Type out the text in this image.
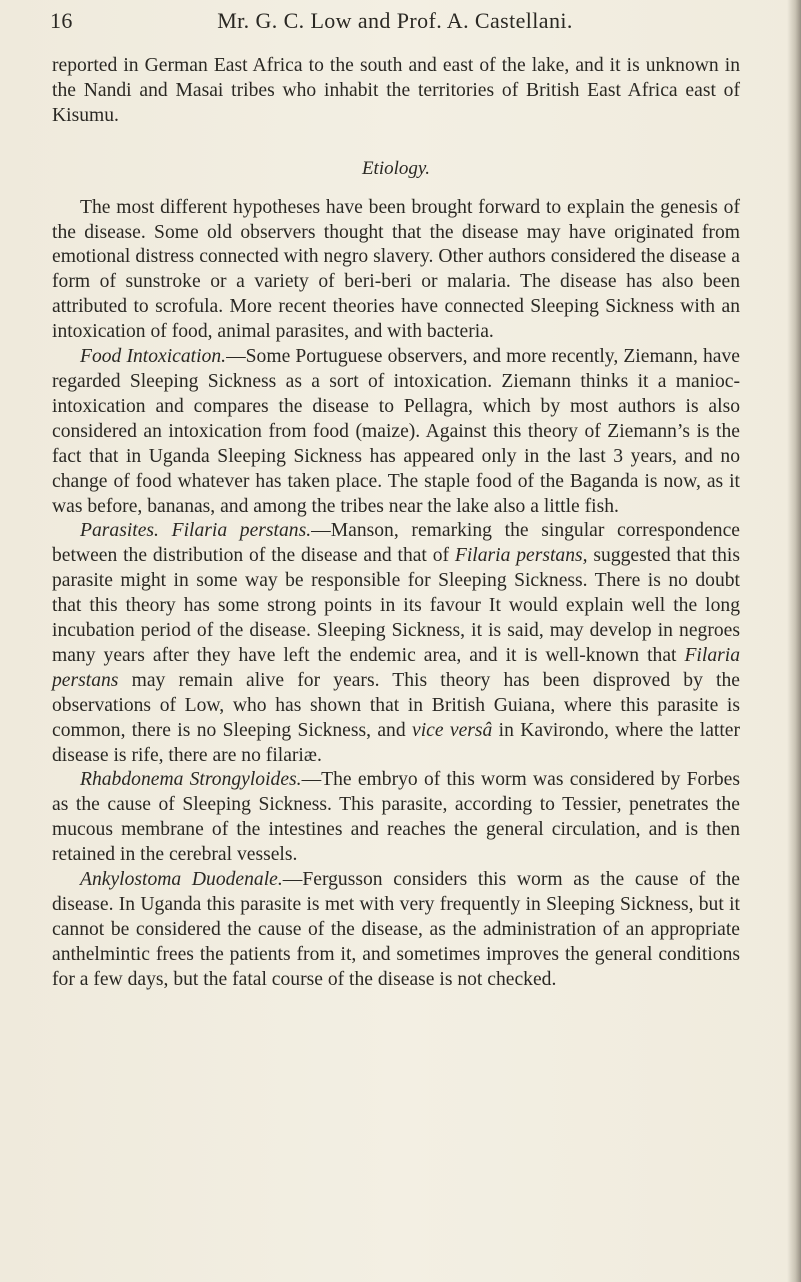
16	Mr. G. C. Low and Prof. A. Castellani.

reported in German East Africa to the south and east of the lake, and it is unknown in the Nandi and Masai tribes who inhabit the territories of British East Africa east of Kisumu.

Etiology.

The most different hypotheses have been brought forward to explain the genesis of the disease. Some old observers thought that the disease may have originated from emotional distress connected with negro slavery. Other authors considered the disease a form of sunstroke or a variety of beri-beri or malaria. The disease has also been attributed to scrofula. More recent theories have connected Sleeping Sickness with an intoxication of food, animal parasites, and with bacteria.

Food Intoxication.—Some Portuguese observers, and more recently, Ziemann, have regarded Sleeping Sickness as a sort of intoxication. Ziemann thinks it a manioc-intoxication and compares the disease to Pellagra, which by most authors is also considered an intoxication from food (maize). Against this theory of Ziemann’s is the fact that in Uganda Sleeping Sickness has appeared only in the last 3 years, and no change of food whatever has taken place. The staple food of the Baganda is now, as it was before, bananas, and among the tribes near the lake also a little fish.

Parasites. Filaria perstans.—Manson, remarking the singular correspondence between the distribution of the disease and that of Filaria perstans, suggested that this parasite might in some way be responsible for Sleeping Sickness. There is no doubt that this theory has some strong points in its favour It would explain well the long incubation period of the disease. Sleeping Sickness, it is said, may develop in negroes many years after they have left the endemic area, and it is well-known that Filaria perstans may remain alive for years. This theory has been disproved by the observations of Low, who has shown that in British Guiana, where this parasite is common, there is no Sleeping Sickness, and vice versâ in Kavirondo, where the latter disease is rife, there are no filariæ.

Rhabdonema Strongyloides.—The embryo of this worm was considered by Forbes as the cause of Sleeping Sickness. This parasite, according to Tessier, penetrates the mucous membrane of the intestines and reaches the general circulation, and is then retained in the cerebral vessels.

Ankylostoma Duodenale.—Fergusson considers this worm as the cause of the disease. In Uganda this parasite is met with very frequently in Sleeping Sickness, but it cannot be considered the cause of the disease, as the administration of an appropriate anthelmintic frees the patients from it, and sometimes improves the general conditions for a few days, but the fatal course of the disease is not checked.
